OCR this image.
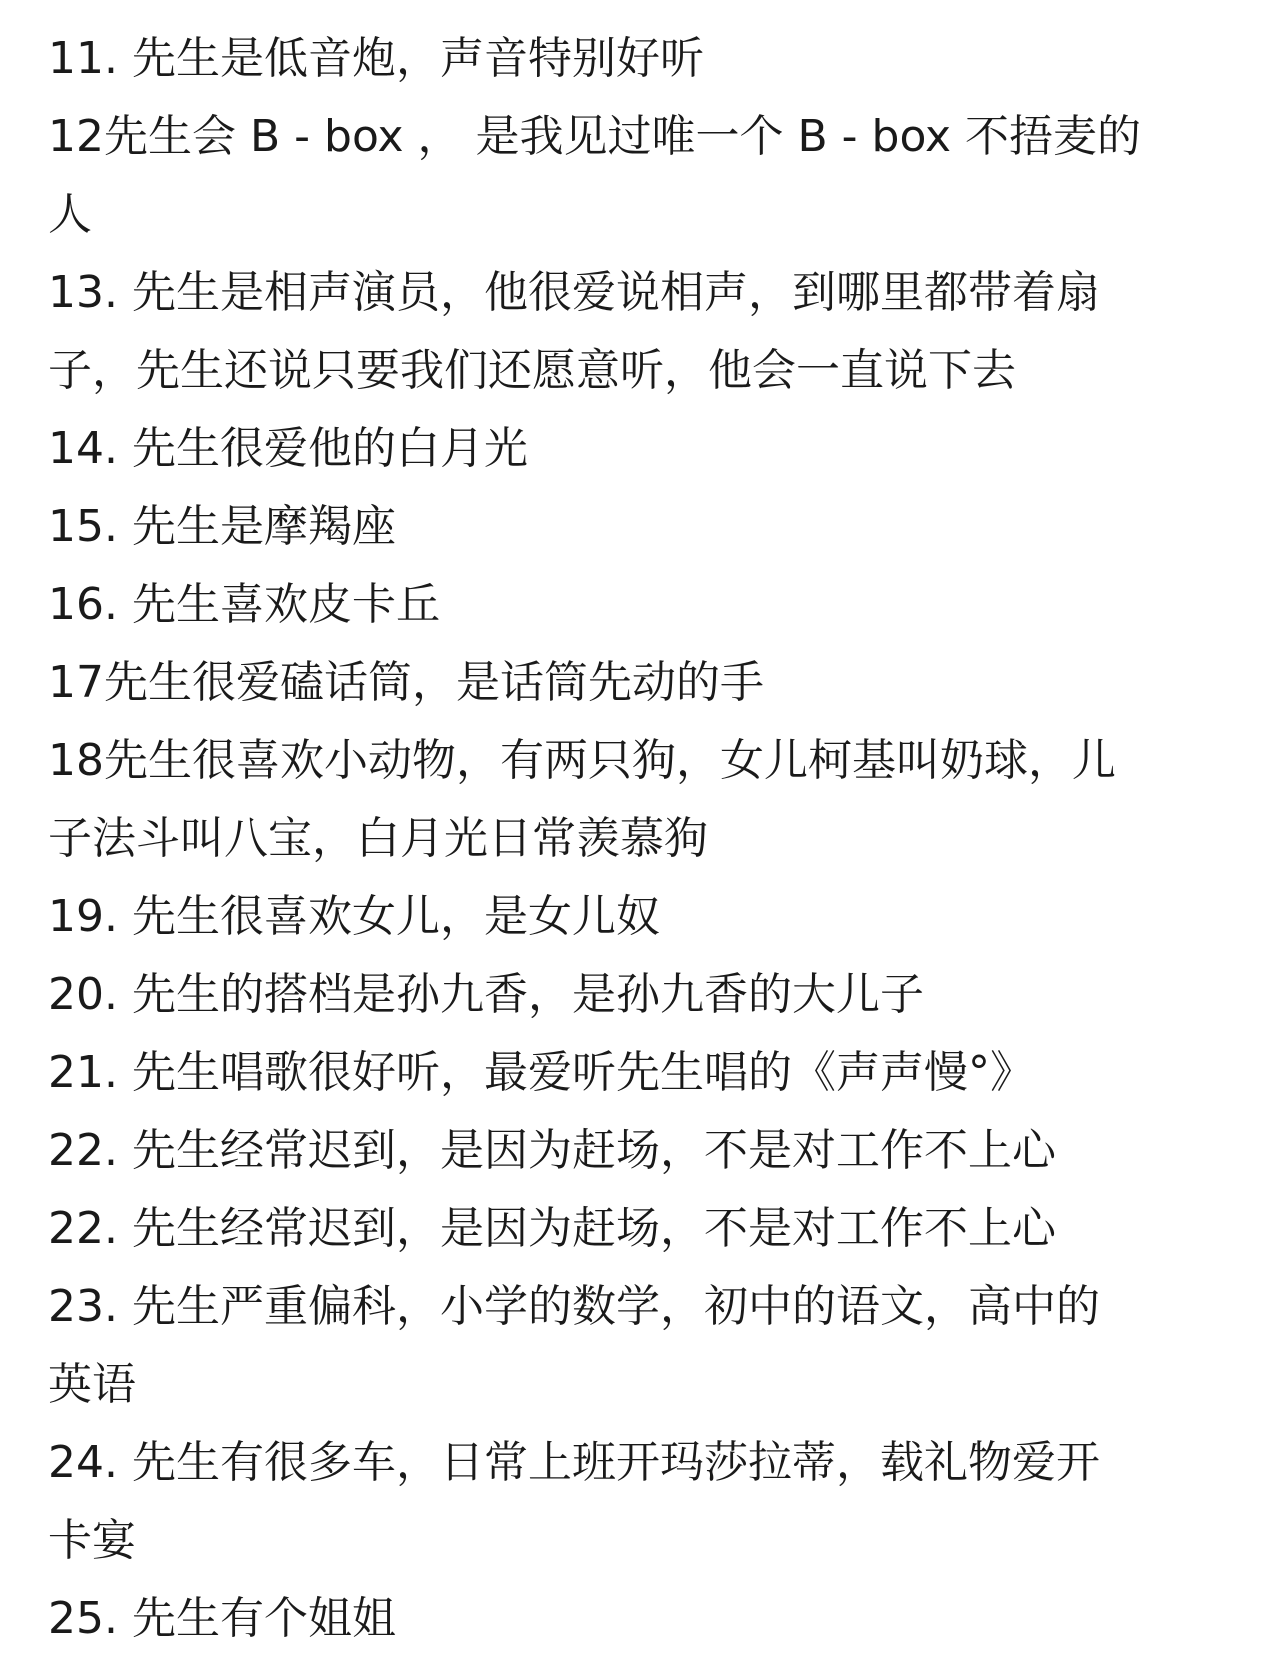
11. 先生是低音炮，声音特别好听
12先生会 B - box ， 是我见过唯一个 B - box 不捂麦的
人
13. 先生是相声演员，他很爱说相声，到哪里都带着扇
子，先生还说只要我们还愿意听，他会一直说下去
14. 先生很爱他的白月光
15. 先生是摩羯座
16. 先生喜欢皮卡丘
17先生很爱磕话筒，是话筒先动的手
18先生很喜欢小动物，有两只狗，女儿柯基叫奶球，儿
子法斗叫八宝，白月光日常羡慕狗
19. 先生很喜欢女儿，是女儿奴
20. 先生的搭档是孙九香，是孙九香的大儿子
21. 先生唱歌很好听，最爱听先生唱的《声声慢°》
22. 先生经常迟到，是因为赶场，不是对工作不上心
22. 先生经常迟到，是因为赶场，不是对工作不上心
23. 先生严重偏科，小学的数学，初中的语文，高中的
英语
24. 先生有很多车，日常上班开玛莎拉蒂，载礼物爱开
卡宴
25. 先生有个姐姐
